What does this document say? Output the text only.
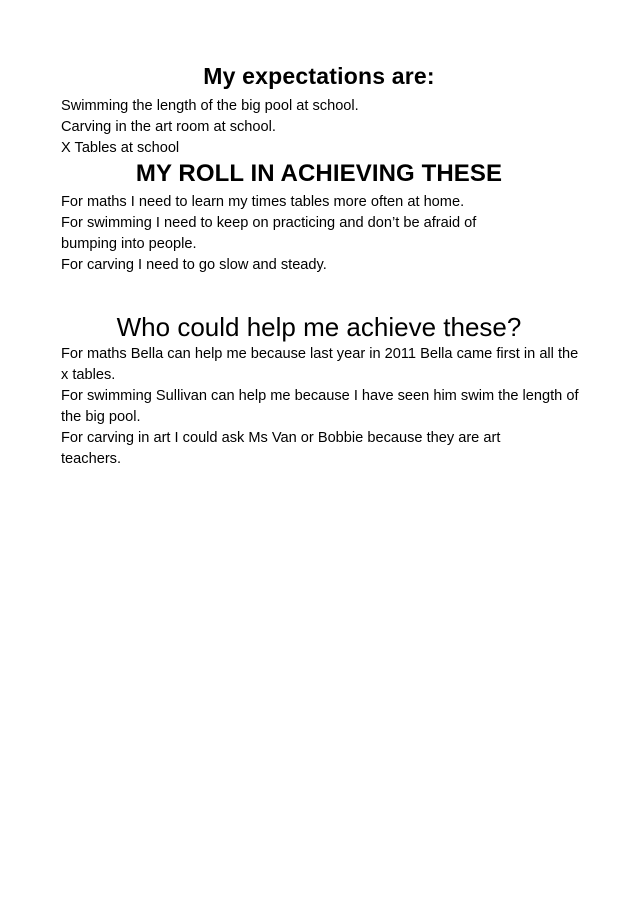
My expectations are:

Swimming the length of the big pool at school.

Carving in the art room at school.

X Tables at school

MY ROLL IN ACHIEVING THESE

For maths I need to learn my times tables more often at home.

For swimming I need to keep on practicing and don’t be afraid of bumping into people.

For carving I need to go slow and steady.

Who could help me achieve these?

For maths Bella can help me because last year in 2011 Bella came first in all the x tables.

For swimming Sullivan can help me because I have seen him swim the length of the big pool.

For carving in art I could ask Ms Van or Bobbie because they are art teachers.
